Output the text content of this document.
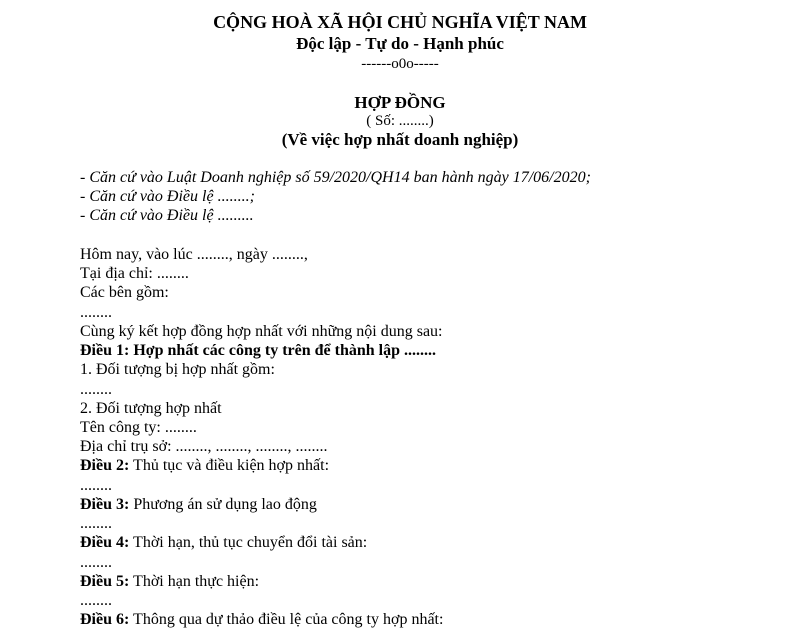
CỘNG HOÀ XÃ HỘI CHỦ NGHĨA VIỆT NAM
Độc lập - Tự do - Hạnh phúc
------o0o-----
HỢP ĐỒNG
( Số: ........)
(Về việc hợp nhất doanh nghiệp)
- Căn cứ vào Luật Doanh nghiệp số 59/2020/QH14 ban hành ngày 17/06/2020;
- Căn cứ vào Điều lệ ........;
- Căn cứ vào Điều lệ .........
Hôm nay, vào lúc ........, ngày ........,
Tại địa chỉ: ........
Các bên gồm:
........
Cùng ký kết hợp đồng hợp nhất với những nội dung sau:
Điều 1: Hợp nhất các công ty trên để thành lập ........
1. Đối tượng bị hợp nhất gồm:
........
2. Đối tượng hợp nhất
Tên công ty: ........
Địa chỉ trụ sở: ........, ........, ........, ........
Điều 2: Thủ tục và điều kiện hợp nhất:
........
Điều 3: Phương án sử dụng lao động
........
Điều 4: Thời hạn, thủ tục chuyển đổi tài sản:
........
Điều 5: Thời hạn thực hiện:
........
Điều 6: Thông qua dự thảo điều lệ của công ty hợp nhất:
